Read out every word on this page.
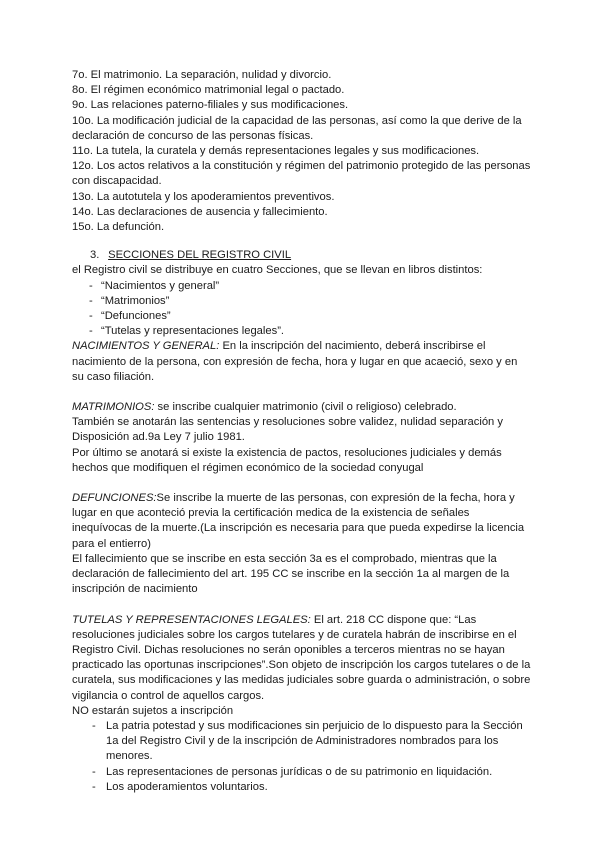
7o. El matrimonio. La separación, nulidad y divorcio.

8o. El régimen económico matrimonial legal o pactado.

9o. Las relaciones paterno-filiales y sus modificaciones.

10o. La modificación judicial de la capacidad de las personas, así como la que derive de la declaración de concurso de las personas físicas.

11o. La tutela, la curatela y demás representaciones legales y sus modificaciones.

12o. Los actos relativos a la constitución y régimen del patrimonio protegido de las personas con discapacidad.

13o. La autotutela y los apoderamientos preventivos.

14o. Las declaraciones de ausencia y fallecimiento.

15o. La defunción.

3. SECCIONES DEL REGISTRO CIVIL

el Registro civil se distribuye en cuatro Secciones, que se llevan en libros distintos:

- “Nacimientos y general”
- “Matrimonios”
- “Defunciones”
- “Tutelas y representaciones legales”.

NACIMIENTOS Y GENERAL: En la inscripción del nacimiento, deberá inscribirse el nacimiento de la persona, con expresión de fecha, hora y lugar en que acaeció, sexo y en su caso filiación.

MATRIMONIOS: se inscribe cualquier matrimonio (civil o religioso) celebrado.

También se anotarán las sentencias y resoluciones sobre validez, nulidad separación y Disposición ad.9a Ley 7 julio 1981.

Por último se anotará si existe la existencia de pactos, resoluciones judiciales y demás hechos que modifiquen el régimen económico de la sociedad conyugal

DEFUNCIONES:Se inscribe la muerte de las personas, con expresión de la fecha, hora y lugar en que aconteció previa la certificación medica de la existencia de señales inequívocas de la muerte.(La inscripción es necesaria para que pueda expedirse la licencia para el entierro)

El fallecimiento que se inscribe en esta sección 3a es el comprobado, mientras que la declaración de fallecimiento del art. 195 CC se inscribe en la sección 1a al margen de la inscripción de nacimiento

TUTELAS Y REPRESENTACIONES LEGALES: El art. 218 CC dispone que: “Las resoluciones judiciales sobre los cargos tutelares y de curatela habrán de inscribirse en el Registro Civil. Dichas resoluciones no serán oponibles a terceros mientras no se hayan practicado las oportunas inscripciones”.Son objeto de inscripción los cargos tutelares o de la curatela, sus modificaciones y las medidas judiciales sobre guarda o administración, o sobre vigilancia o control de aquellos cargos.

NO estarán sujetos a inscripción

- La patria potestad y sus modificaciones sin perjuicio de lo dispuesto para la Sección 1a del Registro Civil y de la inscripción de Administradores nombrados para los menores.
- Las representaciones de personas jurídicas o de su patrimonio en liquidación.
- Los apoderamientos voluntarios.
